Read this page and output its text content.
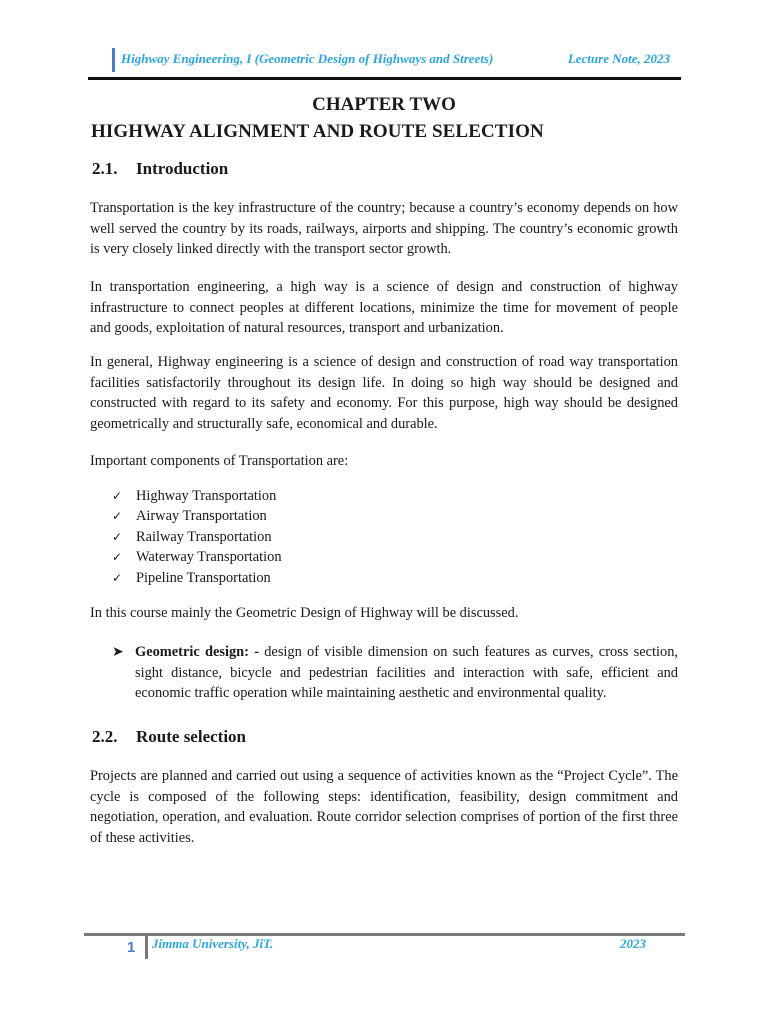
Highway Engineering, I (Geometric Design of Highways and Streets)	Lecture Note, 2023
CHAPTER TWO
HIGHWAY ALIGNMENT AND ROUTE SELECTION
2.1. Introduction

Transportation is the key infrastructure of the country; because a country’s economy depends on how well served the country by its roads, railways, airports and shipping. The country’s economic growth is very closely linked directly with the transport sector growth.

In transportation engineering, a high way is a science of design and construction of highway infrastructure to connect peoples at different locations, minimize the time for movement of people and goods, exploitation of natural resources, transport and urbanization.

In general, Highway engineering is a science of design and construction of road way transportation facilities satisfactorily throughout its design life. In doing so high way should be designed and constructed with regard to its safety and economy. For this purpose, high way should be designed geometrically and structurally safe, economical and durable.

Important components of Transportation are:

✓ Highway Transportation
✓ Airway Transportation
✓ Railway Transportation
✓ Waterway Transportation
✓ Pipeline Transportation

In this course mainly the Geometric Design of Highway will be discussed.

➤ Geometric design: - design of visible dimension on such features as curves, cross section, sight distance, bicycle and pedestrian facilities and interaction with safe, efficient and economic traffic operation while maintaining aesthetic and environmental quality.
2.2. Route selection

Projects are planned and carried out using a sequence of activities known as the “Project Cycle”. The cycle is composed of the following steps: identification, feasibility, design commitment and negotiation, operation, and evaluation. Route corridor selection comprises of portion of the first three of these activities.

1 Jimma University, JiT.	2023
